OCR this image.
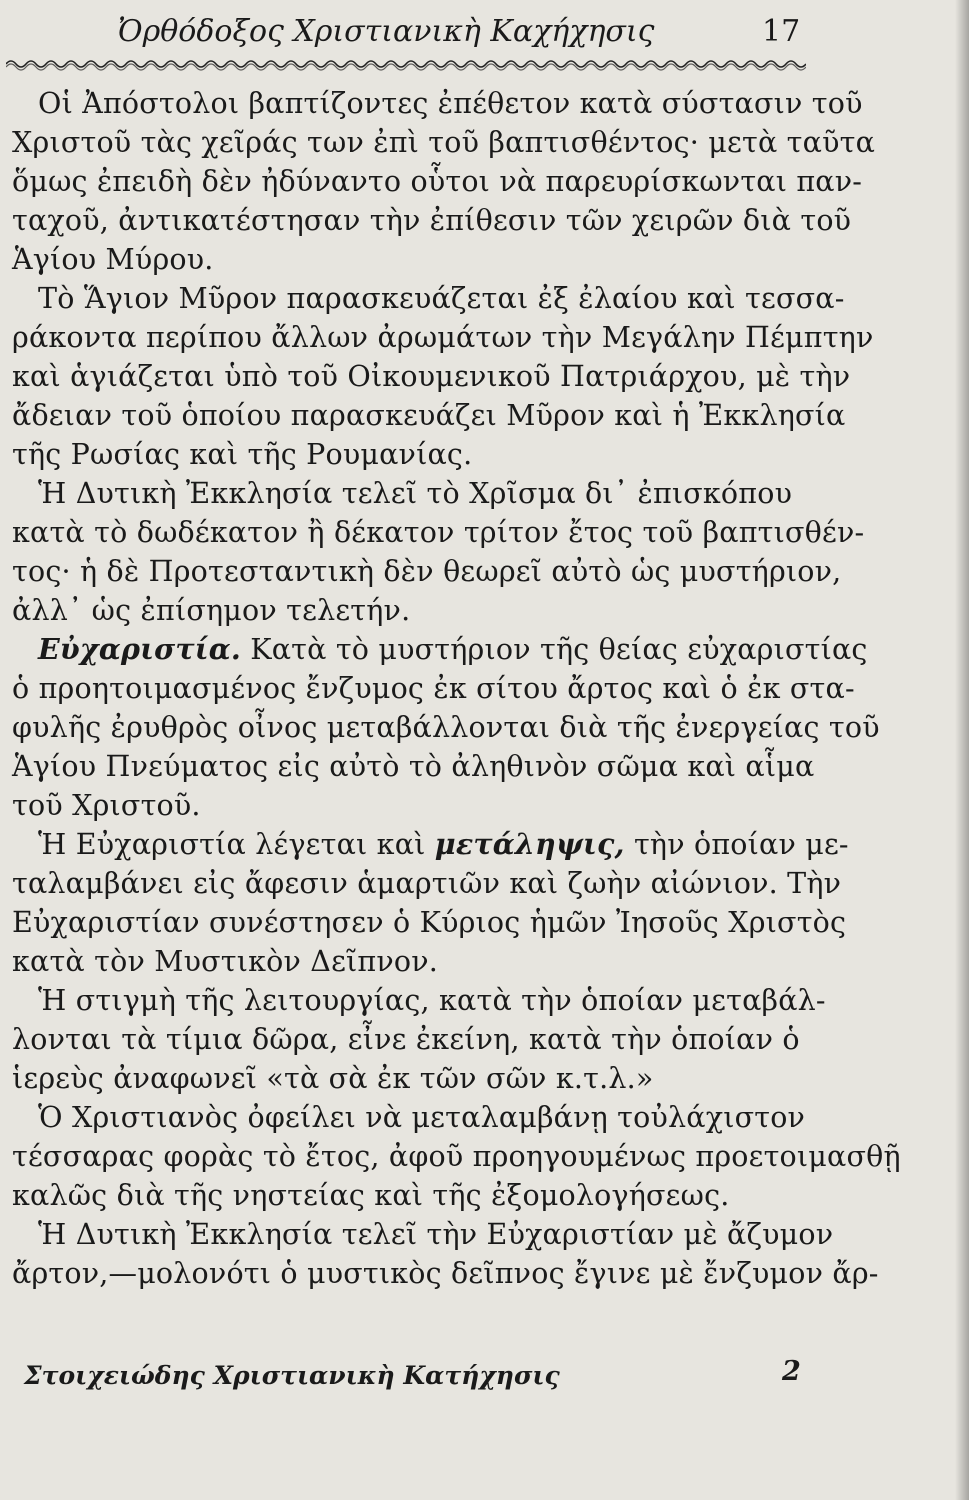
Ὀρθόδοξος Χριστιανικὴ Καχήχησις	17
Οἱ Ἀπόστολοι βαπτίζοντες ἐπέθετον κατὰ σύστασιν τοῦ
Χριστοῦ τὰς χεῖράς των ἐπὶ τοῦ βαπτισθέντος· μετὰ ταῦτα
ὅμως ἐπειδὴ δὲν ἠδύναντο οὗτοι νὰ παρευρίσκωνται παν-
ταχοῦ, ἀντικατέστησαν τὴν ἐπίθεσιν τῶν χειρῶν διὰ τοῦ
Ἁγίου Μύρου.
Τὸ Ἅγιον Μῦρον παρασκευάζεται ἐξ ἐλαίου καὶ τεσσα-
ράκοντα περίπου ἄλλων ἀρωμάτων τὴν Μεγάλην Πέμπτην
καὶ ἁγιάζεται ὑπὸ τοῦ Οἰκουμενικοῦ Πατριάρχου, μὲ τὴν
ἄδειαν τοῦ ὁποίου παρασκευάζει Μῦρον καὶ ἡ Ἐκκλησία
τῆς Ρωσίας καὶ τῆς Ρουμανίας.
Ἡ Δυτικὴ Ἐκκλησία τελεῖ τὸ Χρῖσμα δι᾽ ἐπισκόπου
κατὰ τὸ δωδέκατον ἢ δέκατον τρίτον ἔτος τοῦ βαπτισθέν-
τος· ἡ δὲ Προτεσταντικὴ δὲν θεωρεῖ αὐτὸ ὡς μυστήριον,
ἀλλ᾽ ὡς ἐπίσημον τελετήν.
Εὐχαριστία. Κατὰ τὸ μυστήριον τῆς θείας εὐχαριστίας
ὁ προητοιμασμένος ἔνζυμος ἐκ σίτου ἄρτος καὶ ὁ ἐκ στα-
φυλῆς ἐρυθρὸς οἶνος μεταβάλλονται διὰ τῆς ἐνεργείας τοῦ
Ἁγίου Πνεύματος εἰς αὐτὸ τὸ ἀληθινὸν σῶμα καὶ αἷμα
τοῦ Χριστοῦ.
Ἡ Εὐχαριστία λέγεται καὶ μετάληψις, τὴν ὁποίαν με-
ταλαμβάνει εἰς ἄφεσιν ἁμαρτιῶν καὶ ζωὴν αἰώνιον. Τὴν
Εὐχαριστίαν συνέστησεν ὁ Κύριος ἡμῶν Ἰησοῦς Χριστὸς
κατὰ τὸν Μυστικὸν Δεῖπνον.
Ἡ στιγμὴ τῆς λειτουργίας, κατὰ τὴν ὁποίαν μεταβάλ-
λονται τὰ τίμια δῶρα, εἶνε ἐκείνη, κατὰ τὴν ὁποίαν ὁ
ἱερεὺς ἀναφωνεῖ «τὰ σὰ ἐκ τῶν σῶν κ.τ.λ.»
Ὁ Χριστιανὸς ὀφείλει νὰ μεταλαμβάνῃ τοὐλάχιστον
τέσσαρας φορὰς τὸ ἔτος, ἀφοῦ προηγουμένως προετοιμασθῇ
καλῶς διὰ τῆς νηστείας καὶ τῆς ἐξομολογήσεως.
Ἡ Δυτικὴ Ἐκκλησία τελεῖ τὴν Εὐχαριστίαν μὲ ἄζυμον
ἄρτον,—μολονότι ὁ μυστικὸς δεῖπνος ἔγινε μὲ ἔνζυμον ἄρ-
Στοιχειώδης Χριστιανικὴ Κατήχησις	2
